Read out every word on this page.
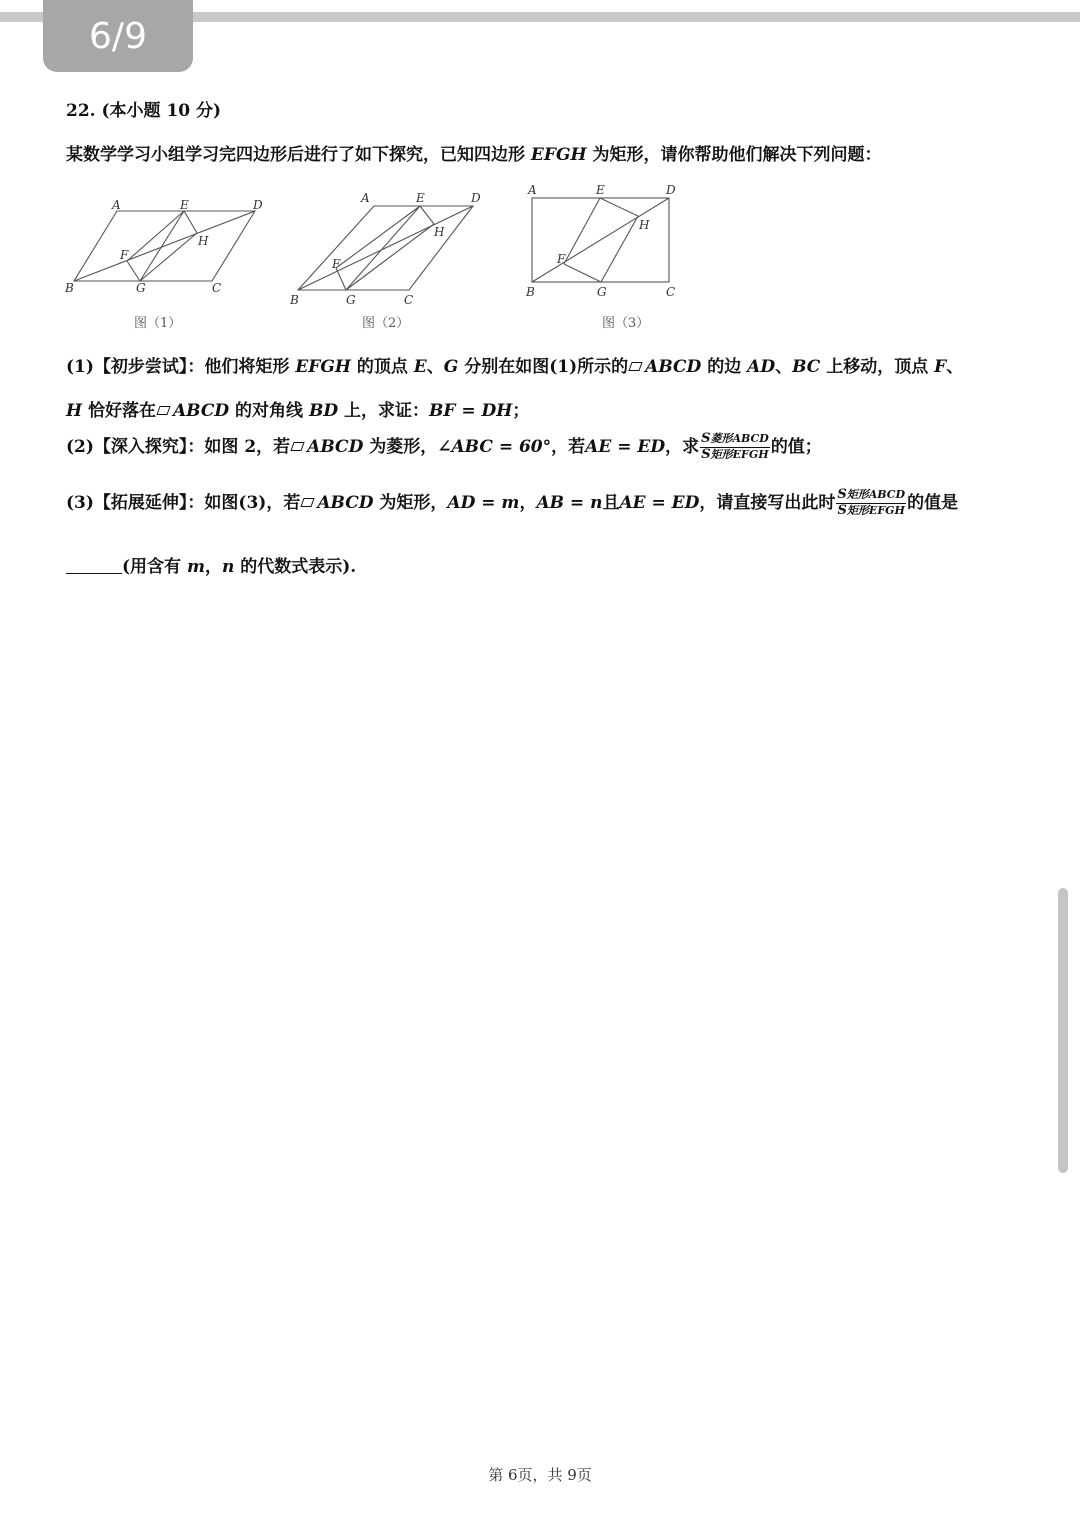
6/9
22. (本小题 10 分)
某数学学习小组学习完四边形后进行了如下探究，已知四边形 EFGH 为矩形，请你帮助他们解决下列问题：
A	E	D
H
F
B	G	C
图（1）
A	E	D
H
F
B	G	C
图（2）
A	E	D
H
F
B	G	C
图（3）
(1)【初步尝试】：他们将矩形 EFGH 的顶点 E、G 分别在如图(1)所示的 ABCD 的边 AD、BC 上移动，顶点 F、
H 恰好落在 ABCD 的对角线 BD 上，求证：BF = DH；
(2)【深入探究】：如图 2，若 ABCD 为菱形，∠ABC = 60°，若AE = ED，求 $\frac{\text{S菱形ABCD}}{\text{S矩形EFGH}}$ 的值；
(3)【拓展延伸】：如图(3)，若 ABCD 为矩形，AD = m，AB = n且AE = ED，请直接写出此时 $\frac{\text{S矩形ABCD}}{\text{S矩形EFGH}}$ 的值是
(用含有 m，n 的代数式表示).
第 6页，共 9页
